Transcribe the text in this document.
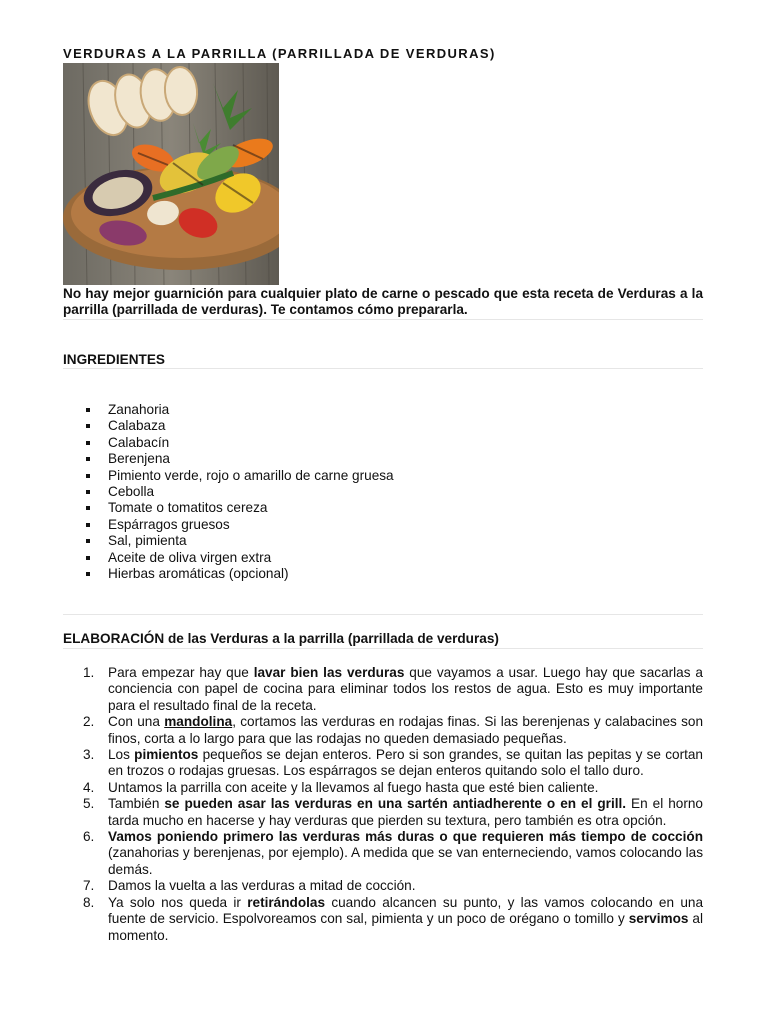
VERDURAS A LA PARRILLA (PARRILLADA DE VERDURAS)

No hay mejor guarnición para cualquier plato de carne o pescado que esta receta de Verduras a la parrilla (parrillada de verduras). Te contamos cómo prepararla.

INGREDIENTES
Zanahoria
Calabaza
Calabacín
Berenjena
Pimiento verde, rojo o amarillo de carne gruesa
Cebolla
Tomate o tomatitos cereza
Espárragos gruesos
Sal, pimienta
Aceite de oliva virgen extra
Hierbas aromáticas (opcional)
ELABORACIÓN de las Verduras a la parrilla (parrillada de verduras)
1. Para empezar hay que lavar bien las verduras que vayamos a usar. Luego hay que sacarlas a conciencia con papel de cocina para eliminar todos los restos de agua. Esto es muy importante para el resultado final de la receta.
2. Con una mandolina, cortamos las verduras en rodajas finas. Si las berenjenas y calabacines son finos, corta a lo largo para que las rodajas no queden demasiado pequeñas.
3. Los pimientos pequeños se dejan enteros. Pero si son grandes, se quitan las pepitas y se cortan en trozos o rodajas gruesas. Los espárragos se dejan enteros quitando solo el tallo duro.
4. Untamos la parrilla con aceite y la llevamos al fuego hasta que esté bien caliente.
5. También se pueden asar las verduras en una sartén antiadherente o en el grill. En el horno tarda mucho en hacerse y hay verduras que pierden su textura, pero también es otra opción.
6. Vamos poniendo primero las verduras más duras o que requieren más tiempo de cocción (zanahorias y berenjenas, por ejemplo). A medida que se van enterneciendo, vamos colocando las demás.
7. Damos la vuelta a las verduras a mitad de cocción.
8. Ya solo nos queda ir retirándolas cuando alcancen su punto, y las vamos colocando en una fuente de servicio. Espolvoreamos con sal, pimienta y un poco de orégano o tomillo y servimos al momento.
